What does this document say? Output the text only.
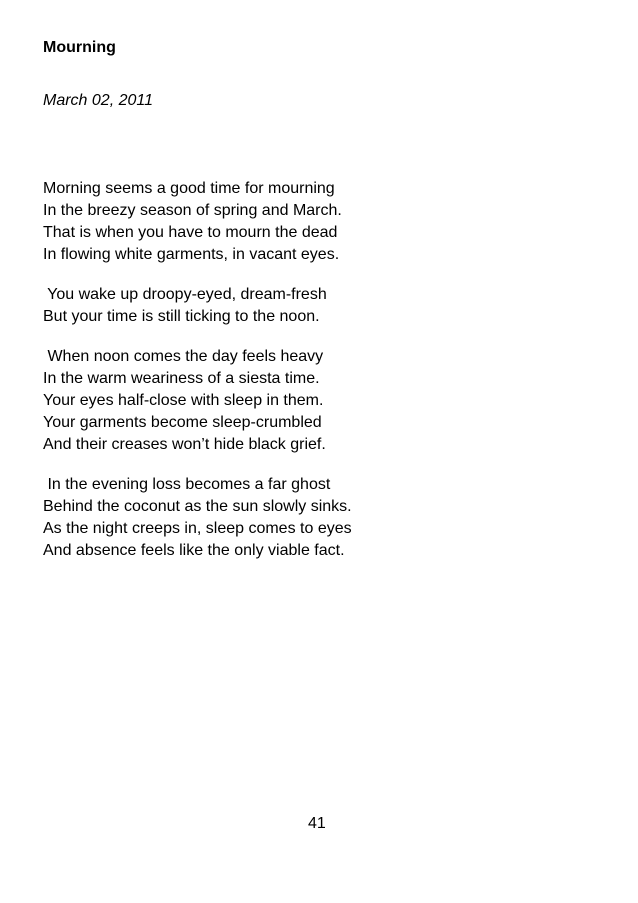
Mourning
March 02, 2011
Morning seems a good time for mourning
In the breezy season of spring and March.
That is when you have to mourn the dead
In flowing white garments, in vacant eyes.
You wake up droopy-eyed, dream-fresh
But your time is still ticking to the noon.
When noon comes the day feels heavy
In the warm weariness of a siesta time.
Your eyes half-close with sleep in them.
Your garments become sleep-crumbled
And their creases won’t hide black grief.
In the evening loss becomes a far ghost
Behind the coconut as the sun slowly sinks.
As the night creeps in, sleep comes to eyes
And absence feels like the only viable fact.
41
